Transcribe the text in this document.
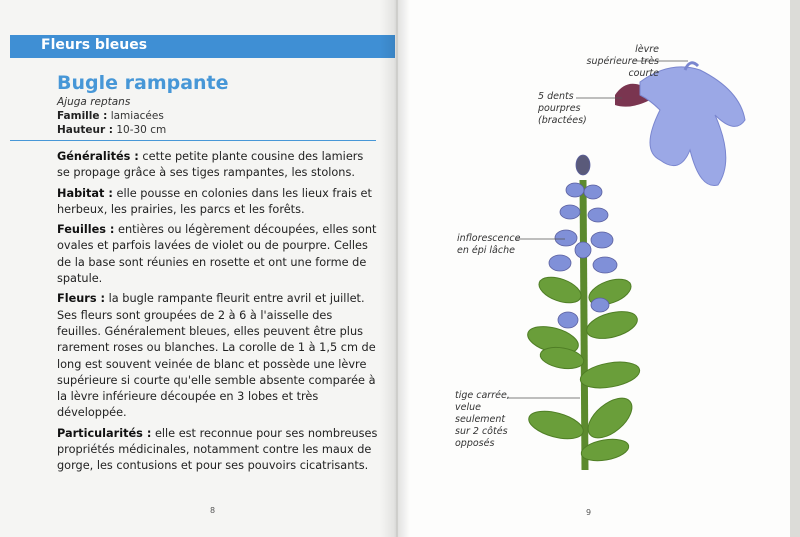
Fleurs bleues
Bugle rampante
Ajuga reptans
Famille : lamiacées
Hauteur : 10-30 cm

Généralités : cette petite plante cousine des lamiers se propage grâce à ses tiges rampantes, les stolons.

Habitat : elle pousse en colonies dans les lieux frais et herbeux, les prairies, les parcs et les forêts.

Feuilles : entières ou légèrement découpées, elles sont ovales et parfois lavées de violet ou de pourpre. Celles de la base sont réunies en rosette et ont une forme de spatule.

Fleurs : la bugle rampante fleurit entre avril et juillet. Ses fleurs sont groupées de 2 à 6 à l'aisselle des feuilles. Généralement bleues, elles peuvent être plus rarement roses ou blanches. La corolle de 1 à 1,5 cm de long est souvent veinée de blanc et possède une lèvre supérieure si courte qu'elle semble absente comparée à la lèvre inférieure découpée en 3 lobes et très développée.

Particularités : elle est reconnue pour ses nombreuses propriétés médicinales, notamment contre les maux de gorge, les contusions et pour ses pouvoirs cicatrisants.

8	9
lèvre supérieure très courte
5 dents pourpres (bractées)
inflorescence en épi lâche
tige carrée, velue seulement sur 2 côtés opposés
